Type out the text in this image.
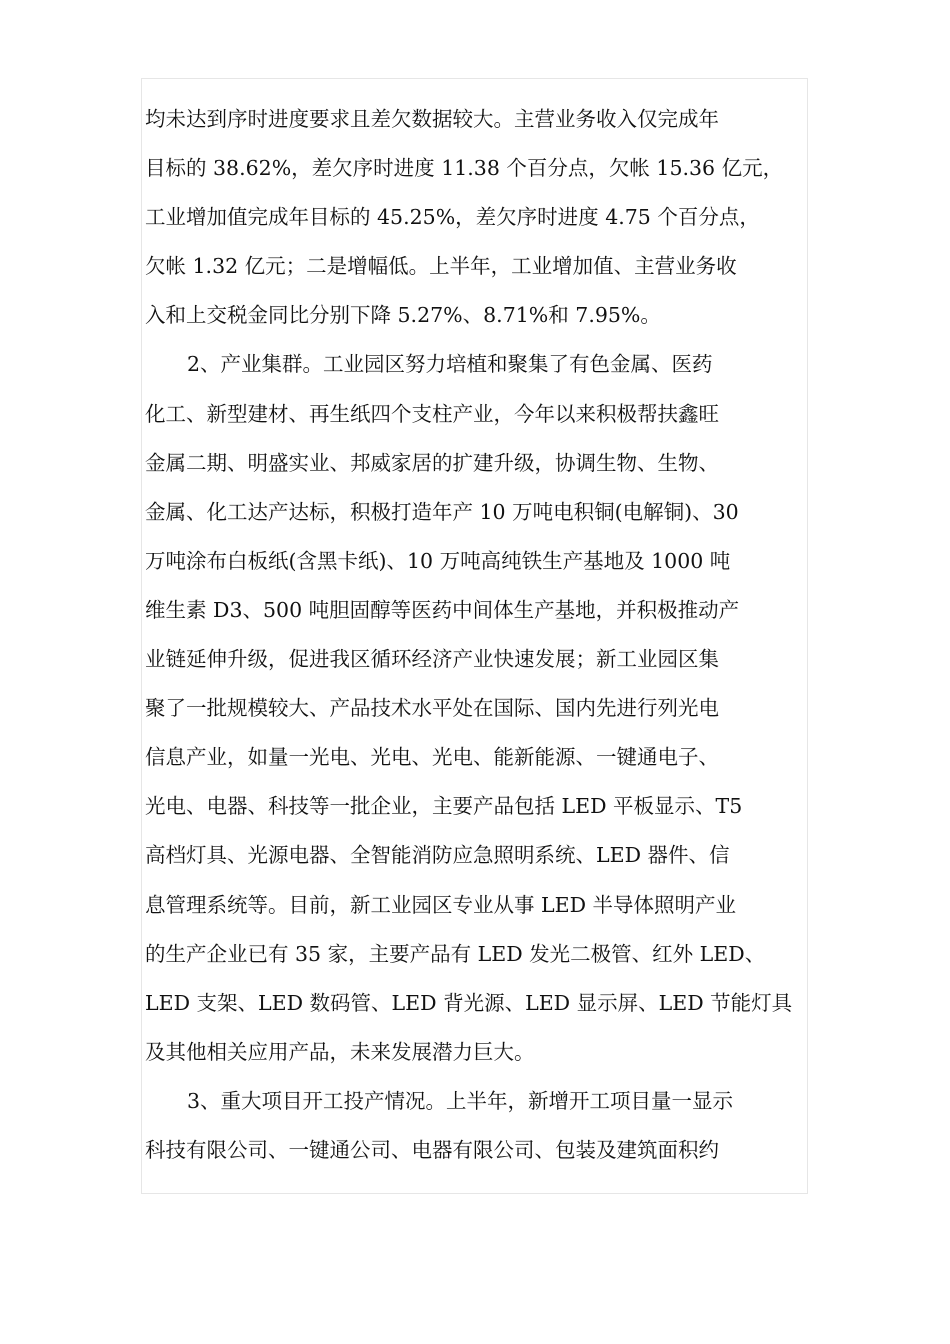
均未达到序时进度要求且差欠数据较大。主营业务收入仅完成年
目标的 38.62%，差欠序时进度 11.38 个百分点，欠帐 15.36 亿元，
工业增加值完成年目标的 45.25%，差欠序时进度 4.75 个百分点，
欠帐 1.32 亿元；二是增幅低。上半年，工业增加值、主营业务收
入和上交税金同比分别下降 5.27%、8.71%和 7.95%。
2、产业集群。工业园区努力培植和聚集了有色金属、医药
化工、新型建材、再生纸四个支柱产业，今年以来积极帮扶鑫旺
金属二期、明盛实业、邦威家居的扩建升级，协调生物、生物、
金属、化工达产达标，积极打造年产 10 万吨电积铜(电解铜)、30
万吨涂布白板纸(含黑卡纸)、10 万吨高纯铁生产基地及 1000 吨
维生素 D3、500 吨胆固醇等医药中间体生产基地，并积极推动产
业链延伸升级，促进我区循环经济产业快速发展；新工业园区集
聚了一批规模较大、产品技术水平处在国际、国内先进行列光电
信息产业，如量一光电、光电、光电、能新能源、一键通电子、
光电、电器、科技等一批企业，主要产品包括 LED 平板显示、T5
高档灯具、光源电器、全智能消防应急照明系统、LED 器件、信
息管理系统等。目前，新工业园区专业从事 LED 半导体照明产业
的生产企业已有 35 家，主要产品有 LED 发光二极管、红外 LED、
LED 支架、LED 数码管、LED 背光源、LED 显示屏、LED 节能灯具
及其他相关应用产品，未来发展潜力巨大。
3、重大项目开工投产情况。上半年，新增开工项目量一显示
科技有限公司、一键通公司、电器有限公司、包装及建筑面积约
